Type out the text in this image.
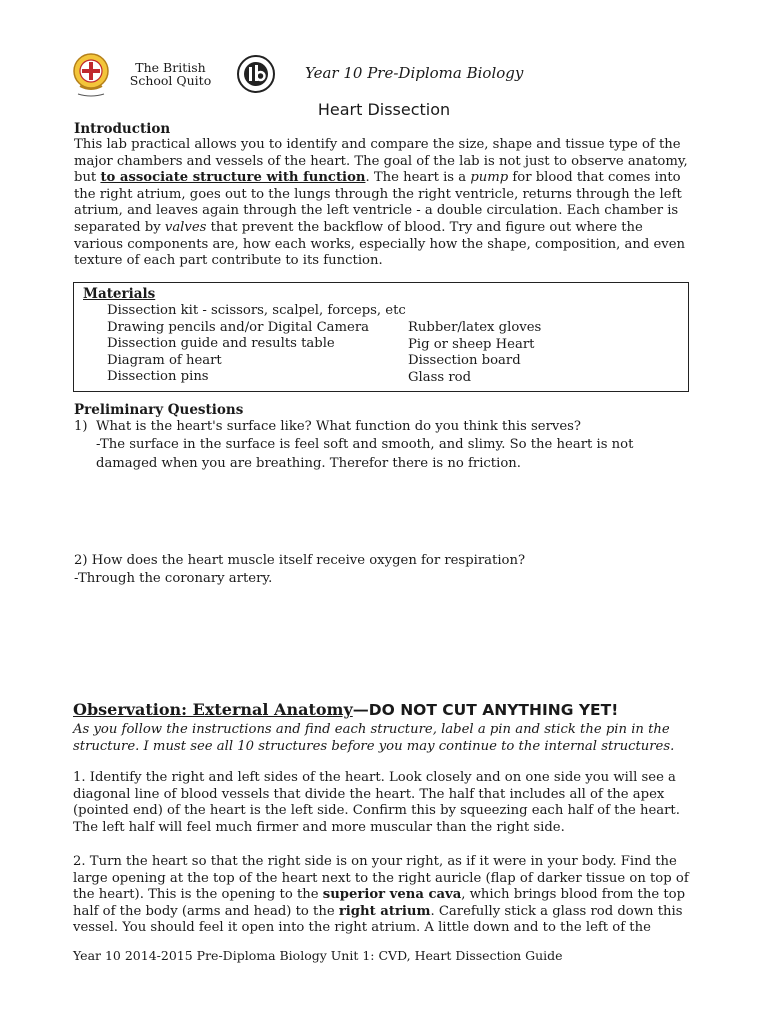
The British School Quito	Year 10 Pre-Diploma Biology
Heart Dissection
Introduction
This lab practical allows you to identify and compare the size, shape and tissue type of the major chambers and vessels of the heart. The goal of the lab is not just to observe anatomy, but to associate structure with function. The heart is a pump for blood that comes into the right atrium, goes out to the lungs through the right ventricle, returns through the left atrium, and leaves again through the left ventricle - a double circulation. Each chamber is separated by valves that prevent the backflow of blood. Try and figure out where the various components are, how each works, especially how the shape, composition, and even texture of each part contribute to its function.
Materials
Dissection kit - scissors, scalpel, forceps, etc
Drawing pencils and/or Digital Camera
Dissection guide and results table
Diagram of heart
Dissection pins
Rubber/latex gloves
Pig or sheep Heart
Dissection board
Glass rod
Preliminary Questions
1) What is the heart's surface like? What function do you think this serves?
-The surface in the surface is feel soft and smooth, and slimy. So the heart is not damaged when you are breathing. Therefor there is no friction.
2) How does the heart muscle itself receive oxygen for respiration?
-Through the coronary artery.
Observation: External Anatomy—DO NOT CUT ANYTHING YET!
As you follow the instructions and find each structure, label a pin and stick the pin in the structure. I must see all 10 structures before you may continue to the internal structures.
1. Identify the right and left sides of the heart. Look closely and on one side you will see a diagonal line of blood vessels that divide the heart. The half that includes all of the apex (pointed end) of the heart is the left side. Confirm this by squeezing each half of the heart. The left half will feel much firmer and more muscular than the right side.
2. Turn the heart so that the right side is on your right, as if it were in your body. Find the large opening at the top of the heart next to the right auricle (flap of darker tissue on top of the heart). This is the opening to the superior vena cava, which brings blood from the top half of the body (arms and head) to the right atrium. Carefully stick a glass rod down this vessel. You should feel it open into the right atrium. A little down and to the left of the
Year 10 2014-2015 Pre-Diploma Biology Unit 1: CVD, Heart Dissection Guide
